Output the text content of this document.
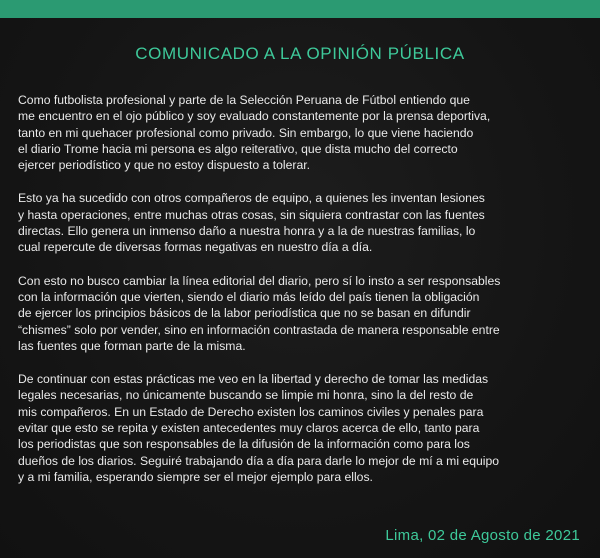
COMUNICADO A LA OPINIÓN PÚBLICA

Como futbolista profesional y parte de la Selección Peruana de Fútbol entiendo que
me encuentro en el ojo público y soy evaluado constantemente por la prensa deportiva,
tanto en mi quehacer profesional como privado. Sin embargo, lo que viene haciendo
el diario Trome hacia mi persona es algo reiterativo, que dista mucho del correcto
ejercer periodístico y que no estoy dispuesto a tolerar.

Esto ya ha sucedido con otros compañeros de equipo, a quienes les inventan lesiones
y hasta operaciones, entre muchas otras cosas, sin siquiera contrastar con las fuentes
directas. Ello genera un inmenso daño a nuestra honra y a la de nuestras familias, lo
cual repercute de diversas formas negativas en nuestro día a día.

Con esto no busco cambiar la línea editorial del diario, pero sí lo insto a ser responsables
con la información que vierten, siendo el diario más leído del país tienen la obligación
de ejercer los principios básicos de la labor periodística que no se basan en difundir
“chismes” solo por vender, sino en información contrastada de manera responsable entre
las fuentes que forman parte de la misma.

De continuar con estas prácticas me veo en la libertad y derecho de tomar las medidas
legales necesarias, no únicamente buscando se limpie mi honra, sino la del resto de
mis compañeros. En un Estado de Derecho existen los caminos civiles y penales para
evitar que esto se repita y existen antecedentes muy claros acerca de ello, tanto para
los periodistas que son responsables de la difusión de la información como para los
dueños de los diarios. Seguiré trabajando día a día para darle lo mejor de mí a mi equipo
y a mi familia, esperando siempre ser el mejor ejemplo para ellos.

Lima, 02 de Agosto de 2021
